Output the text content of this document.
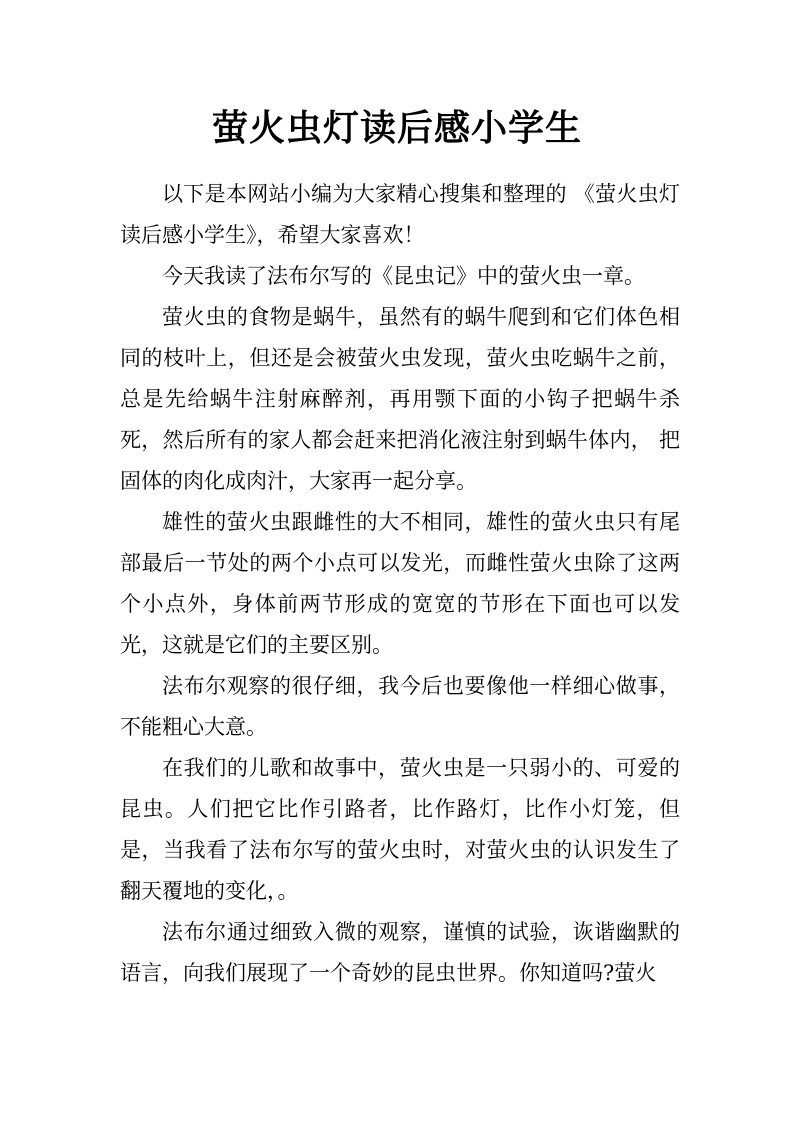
萤火虫灯读后感小学生

以下是本网站小编为大家精心搜集和整理的 《萤火虫灯读后感小学生》，希望大家喜欢！

今天我读了法布尔写的《昆虫记》中的萤火虫一章。

萤火虫的食物是蜗牛，虽然有的蜗牛爬到和它们体色相同的枝叶上，但还是会被萤火虫发现，萤火虫吃蜗牛之前，总是先给蜗牛注射麻醉剂，再用颚下面的小钩子把蜗牛杀死，然后所有的家人都会赶来把消化液注射到蜗牛体内， 把固体的肉化成肉汁，大家再一起分享。

雄性的萤火虫跟雌性的大不相同，雄性的萤火虫只有尾部最后一节处的两个小点可以发光，而雌性萤火虫除了这两个小点外，身体前两节形成的宽宽的节形在下面也可以发光，这就是它们的主要区别。

法布尔观察的很仔细，我今后也要像他一样细心做事，不能粗心大意。

在我们的儿歌和故事中，萤火虫是一只弱小的、可爱的昆虫。人们把它比作引路者，比作路灯，比作小灯笼，但是，当我看了法布尔写的萤火虫时，对萤火虫的认识发生了翻天覆地的变化，。

法布尔通过细致入微的观察，谨慎的试验，诙谐幽默的语言，向我们展现了一个奇妙的昆虫世界。你知道吗?萤火
